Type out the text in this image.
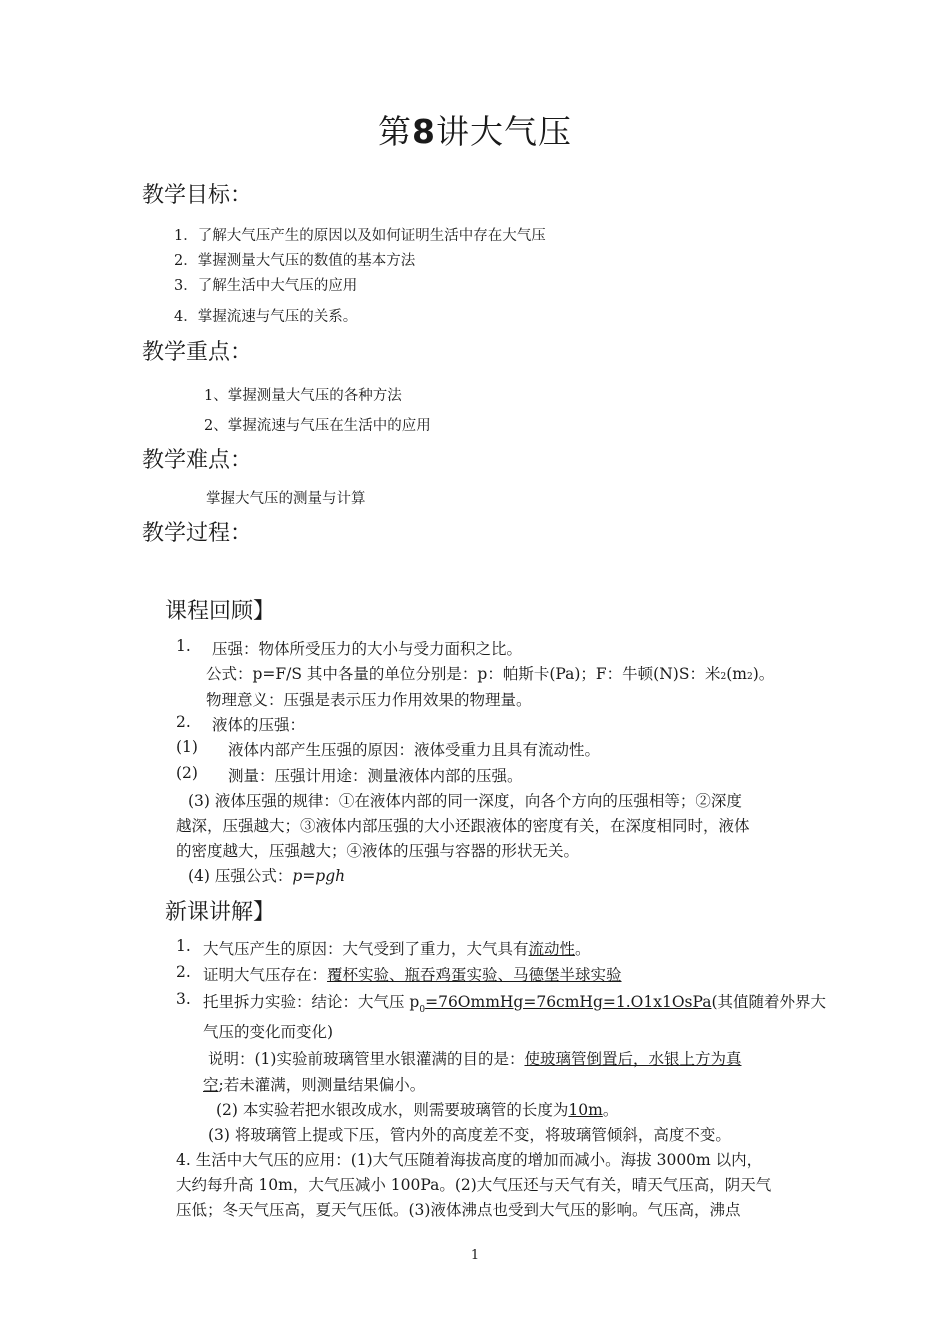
第8讲大气压
教学目标：
1．了解大气压产生的原因以及如何证明生活中存在大气压
2．掌握测量大气压的数值的基本方法
3．了解生活中大气压的应用
4．掌握流速与气压的关系。
教学重点：
1、掌握测量大气压的各种方法
2、掌握流速与气压在生活中的应用
教学难点：
掌握大气压的测量与计算
教学过程：
课程回顾】
1. 压强：物体所受压力的大小与受力面积之比。
公式：p=F/S 其中各量的单位分别是：p：帕斯卡(Pa)；F：牛顿(N)S：米2(m2)。
物理意义：压强是表示压力作用效果的物理量。
2. 液体的压强：
(1) 液体内部产生压强的原因：液体受重力且具有流动性。
(2) 测量：压强计用途：测量液体内部的压强。
(3) 液体压强的规律：①在液体内部的同一深度，向各个方向的压强相等；②深度
越深，压强越大；③液体内部压强的大小还跟液体的密度有关，在深度相同时，液体
的密度越大，压强越大；④液体的压强与容器的形状无关。
(4) 压强公式：p=pgh
新课讲解】
1. 大气压产生的原因：大气受到了重力，大气具有流动性。
2. 证明大气压存在：覆杯实验、瓶吞鸡蛋实验、马德堡半球实验
3. 托里拆力实验：结论：大气压 $p_0=76OmmHg=76cmHg=1.O1x1OsPa$(其值随着外界大
气压的变化而变化)
说明：(1)实验前玻璃管里水银灌满的目的是：使玻璃管倒置后，水银上方为真
空;若未灌满，则测量结果偏小。
(2) 本实验若把水银改成水，则需要玻璃管的长度为10m。
(3) 将玻璃管上提或下压，管内外的高度差不变，将玻璃管倾斜，高度不变。
4. 生活中大气压的应用：(1)大气压随着海拔高度的增加而减小。海拔 3000m 以内，
大约每升高 10m，大气压减小 100Pa。(2)大气压还与天气有关，晴天气压高，阴天气
压低；冬天气压高，夏天气压低。(3)液体沸点也受到大气压的影响。气压高，沸点
1
